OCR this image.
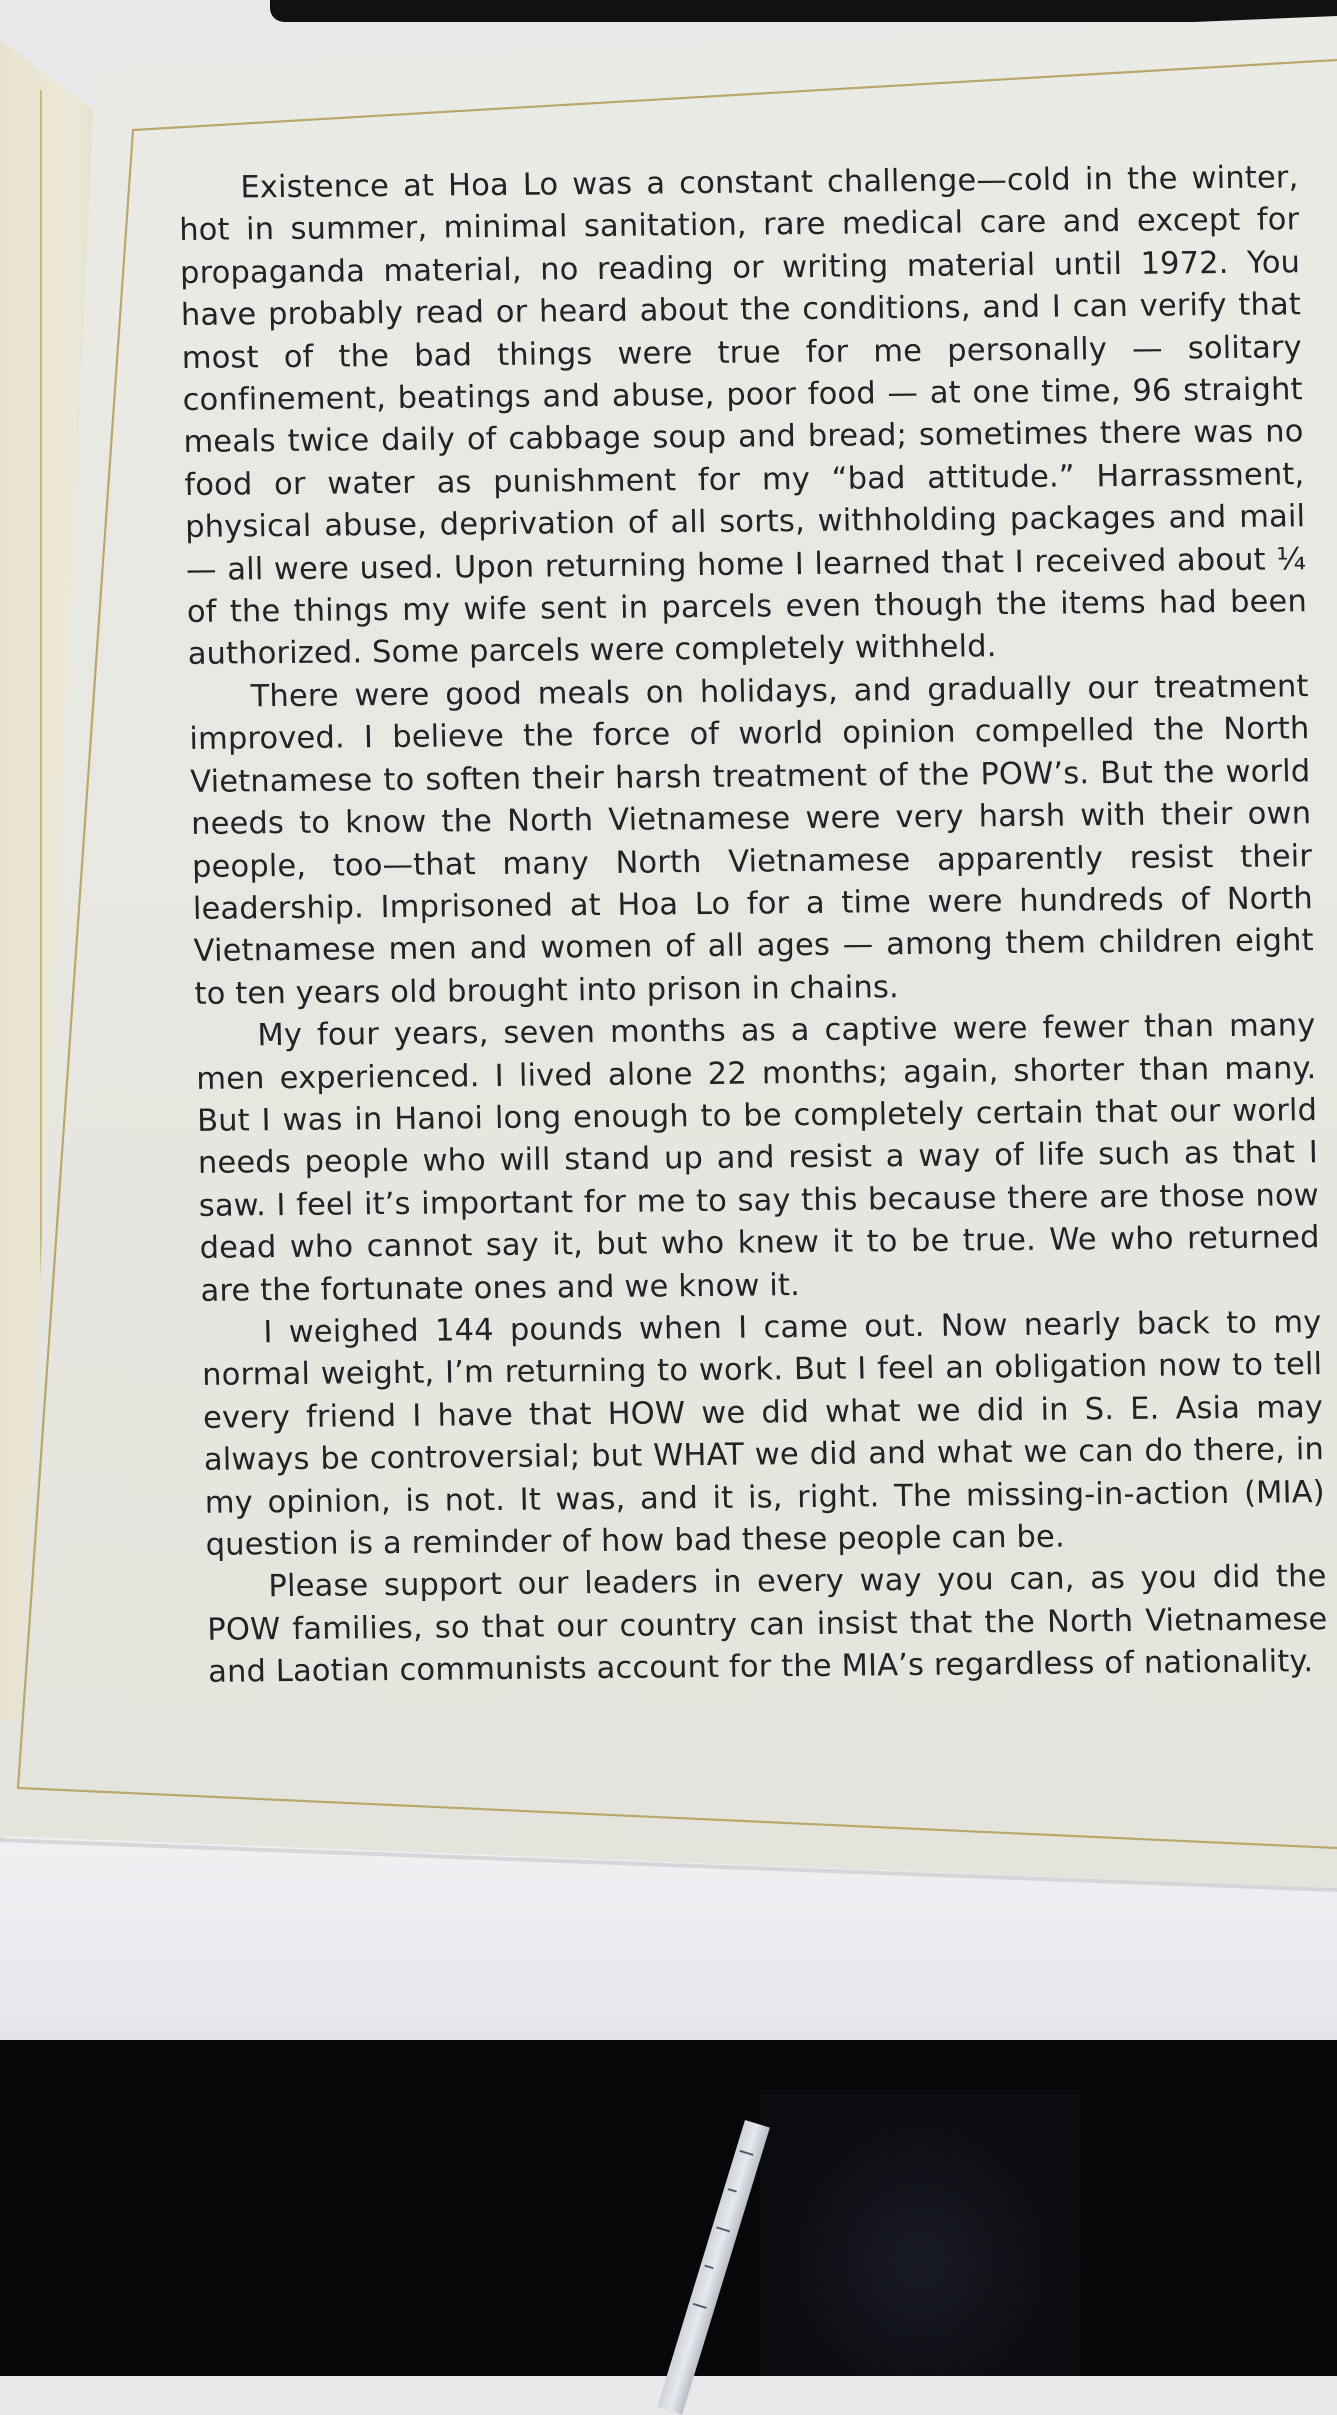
Existence at Hoa Lo was a constant challenge—cold in the winter, hot in summer, minimal sanitation, rare medical care and except for propaganda material, no reading or writing material until 1972. You have probably read or heard about the conditions, and I can verify that most of the bad things were true for me personally — solitary confinement, beatings and abuse, poor food — at one time, 96 straight meals twice daily of cabbage soup and bread; sometimes there was no food or water as punishment for my “bad attitude.” Harrassment, physical abuse, deprivation of all sorts, withholding packages and mail — all were used. Upon returning home I learned that I received about ¼ of the things my wife sent in parcels even though the items had been authorized. Some parcels were completely withheld.

There were good meals on holidays, and gradually our treatment improved. I believe the force of world opinion compelled the North Vietnamese to soften their harsh treatment of the POW’s. But the world needs to know the North Vietnamese were very harsh with their own people, too—that many North Vietnamese apparently resist their leadership. Imprisoned at Hoa Lo for a time were hundreds of North Vietnamese men and women of all ages — among them children eight to ten years old brought into prison in chains.

My four years, seven months as a captive were fewer than many men experienced. I lived alone 22 months; again, shorter than many. But I was in Hanoi long enough to be completely certain that our world needs people who will stand up and resist a way of life such as that I saw. I feel it’s important for me to say this because there are those now dead who cannot say it, but who knew it to be true. We who returned are the fortunate ones and we know it.

I weighed 144 pounds when I came out. Now nearly back to my normal weight, I’m returning to work. But I feel an obligation now to tell every friend I have that HOW we did what we did in S. E. Asia may always be controversial; but WHAT we did and what we can do there, in my opinion, is not. It was, and it is, right. The missing-in-action (MIA) question is a reminder of how bad these people can be.

Please support our leaders in every way you can, as you did the POW families, so that our country can insist that the North Vietnamese and Laotian communists account for the MIA’s regardless of nationality.
